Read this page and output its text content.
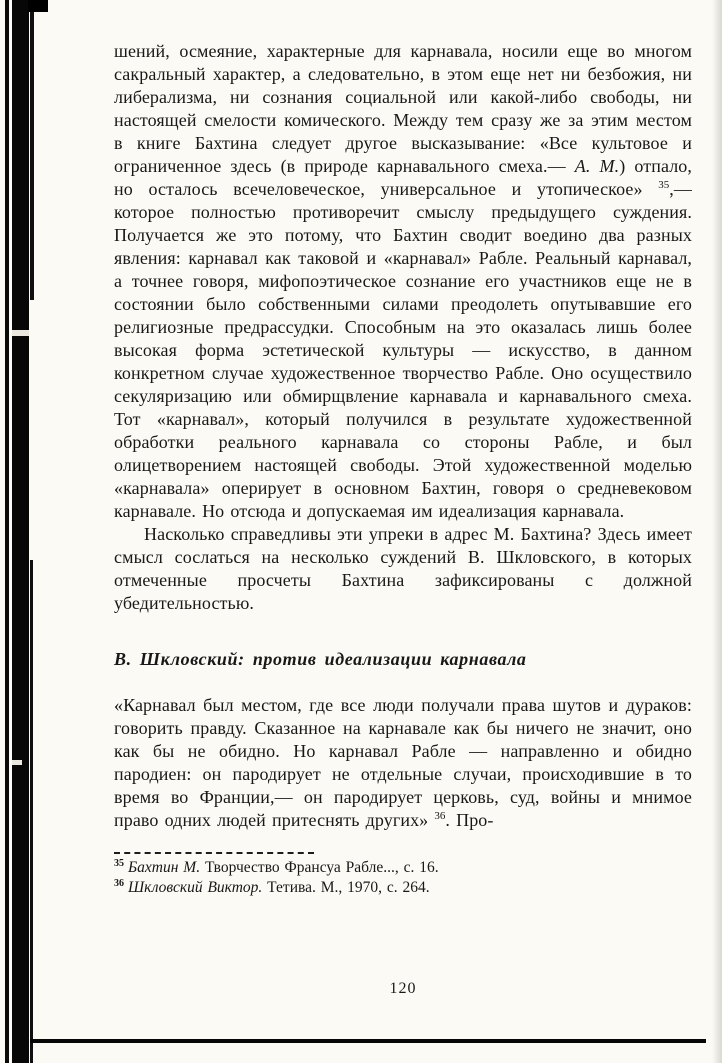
шений, осмеяние, характерные для карнавала, носили еще во многом сакральный характер, а следовательно, в этом еще нет ни безбожия, ни либерализма, ни сознания социальной или какой-либо свободы, ни настоящей смелости комического. Между тем сразу же за этим местом в книге Бахтина следует другое высказывание: «Все культовое и ограниченное здесь (в природе карнавального смеха.— А. М.) отпало, но осталось всечеловеческое, универсальное и утопическое» $^{35}$,— которое полностью противоречит смыслу предыдущего суждения. Получается же это потому, что Бахтин сводит воедино два разных явления: карнавал как таковой и «карнавал» Рабле. Реальный карнавал, а точнее говоря, мифопоэтическое сознание его участников еще не в состоянии было собственными силами преодолеть опутывавшие его религиозные предрассудки. Способным на это оказалась лишь более высокая форма эстетической культуры — искусство, в данном конкретном случае художественное творчество Рабле. Оно осуществило секуляризацию или обмирщвление карнавала и карнавального смеха. Тот «карнавал», который получился в результате художественной обработки реального карнавала со стороны Рабле, и был олицетворением настоящей свободы. Этой художественной моделью «карнавала» оперирует в основном Бахтин, говоря о средневековом карнавале. Но отсюда и допускаемая им идеализация карнавала.

Насколько справедливы эти упреки в адрес М. Бахтина? Здесь имеет смысл сослаться на несколько суждений В. Шкловского, в которых отмеченные просчеты Бахтина зафиксированы с должной убедительностью.

В. Шкловский: против идеализации карнавала

«Карнавал был местом, где все люди получали права шутов и дураков: говорить правду. Сказанное на карнавале как бы ничего не значит, оно как бы не обидно. Но карнавал Рабле — направленно и обидно пародиен: он пародирует не отдельные случаи, происходившие в то время во Франции,— он пародирует церковь, суд, войны и мнимое право одних людей притеснять других» $^{36}$. Про-

$^{35}$ Бахтин М. Творчество Франсуа Рабле..., с. 16.
$^{36}$ Шкловский Виктор. Тетива. М., 1970, с. 264.
120
